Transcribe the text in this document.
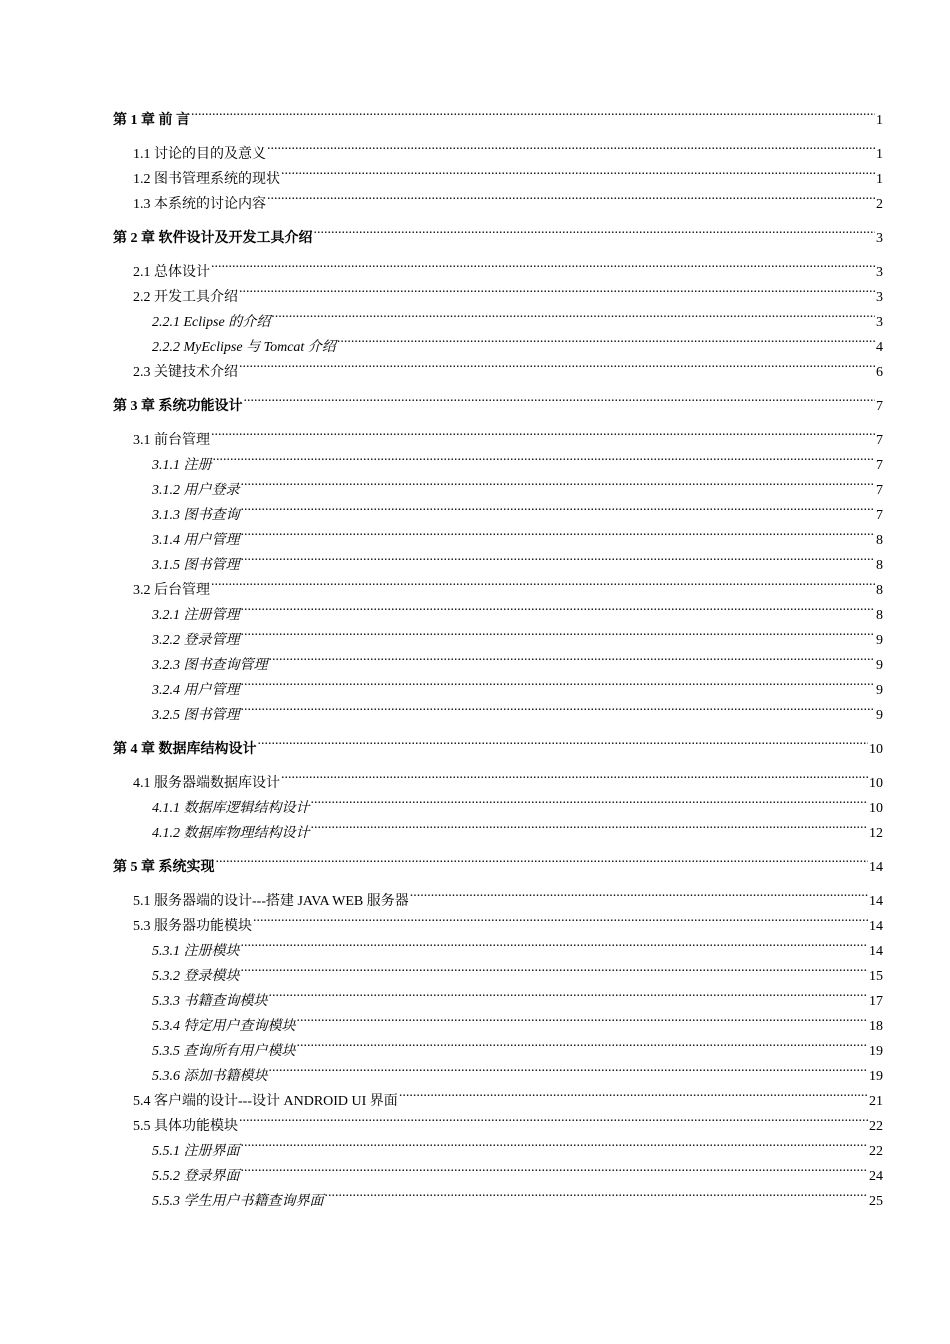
第 1 章 前 言 .....	1
1.1 讨论的目的及意义 .....	1
1.2 图书管理系统的现状 .....	1
1.3 本系统的讨论内容 .....	2
第 2 章 软件设计及开发工具介绍 .....	3
2.1 总体设计 .....	3
2.2 开发工具介绍 .....	3
2.2.1 Eclipse 的介绍 .....	3
2.2.2 MyEclipse 与 Tomcat 介绍 .....	4
2.3 关键技术介绍 .....	6
第 3 章 系统功能设计 .....	7
3.1 前台管理 .....	7
3.1.1 注册 .....	7
3.1.2 用户登录 .....	7
3.1.3 图书查询 .....	7
3.1.4 用户管理 .....	8
3.1.5 图书管理 .....	8
3.2 后台管理 .....	8
3.2.1 注册管理 .....	8
3.2.2 登录管理 .....	9
3.2.3 图书查询管理 .....	9
3.2.4 用户管理 .....	9
3.2.5 图书管理 .....	9
第 4 章 数据库结构设计 .....	10
4.1 服务器端数据库设计 .....	10
4.1.1 数据库逻辑结构设计 .....	10
4.1.2 数据库物理结构设计 .....	12
第 5 章 系统实现 .....	14
5.1 服务器端的设计---搭建 JAVA WEB 服务器 .....	14
5.3 服务器功能模块 .....	14
5.3.1 注册模块 .....	14
5.3.2 登录模块 .....	15
5.3.3 书籍查询模块 .....	17
5.3.4 特定用户查询模块 .....	18
5.3.5 查询所有用户模块 .....	19
5.3.6 添加书籍模块 .....	19
5.4 客户端的设计---设计 ANDROID UI 界面 .....	21
5.5 具体功能模块 .....	22
5.5.1 注册界面 .....	22
5.5.2 登录界面 .....	24
5.5.3 学生用户书籍查询界面 .....	25
